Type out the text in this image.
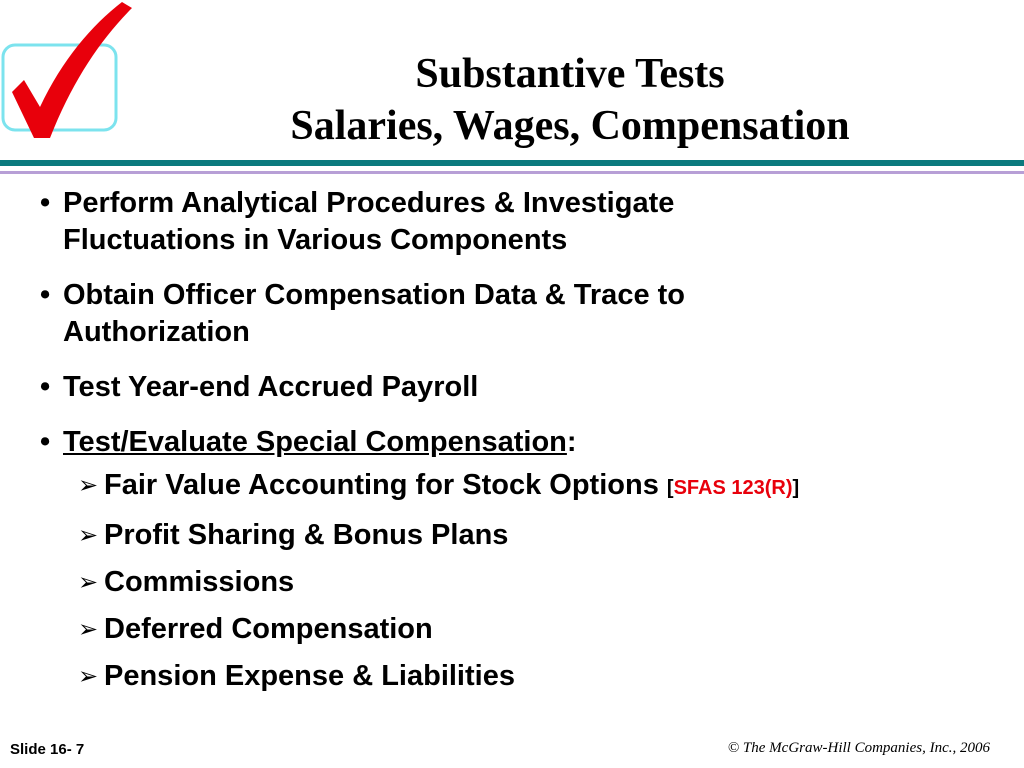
Substantive Tests
Salaries, Wages, Compensation
• Perform Analytical Procedures & Investigate
Fluctuations in Various Components
• Obtain Officer Compensation Data & Trace to
Authorization
• Test Year-end Accrued Payroll
• Test/Evaluate Special Compensation:
➢ Fair Value Accounting for Stock Options [SFAS 123(R)]
➢ Profit Sharing & Bonus Plans
➢ Commissions
➢ Deferred Compensation
➢ Pension Expense & Liabilities
Slide 16- 7	© The McGraw-Hill Companies, Inc., 2006
